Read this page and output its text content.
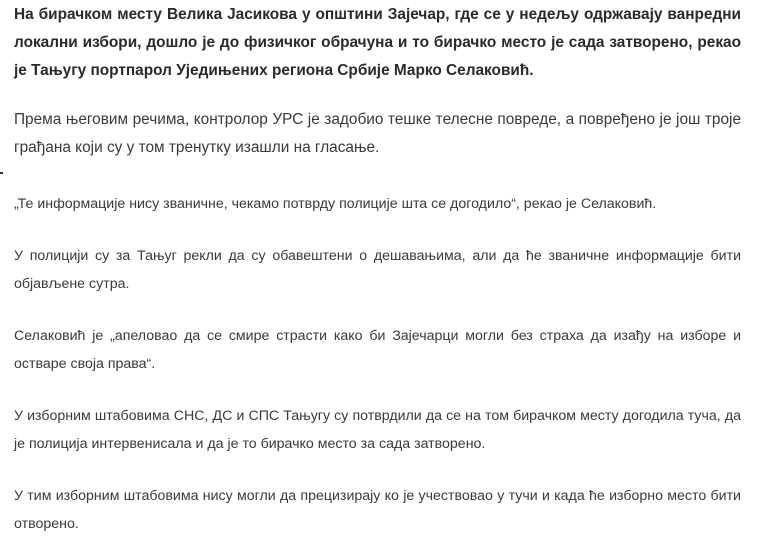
На бирачком месту Велика Јасикова у општини Зајечар, где се у недељу одржавају ванредни локални избори, дошло је до физичког обрачуна и то бирачко место је сада затворено, рекао је Тањугу портпарол Уједињених региона Србије Марко Селаковић.

Према његовим речима, контролор УРС је задобио тешке телесне повреде, а повређено је још троје грађана који су у том тренутку изашли на гласање.

„Те информације нису званичне, чекамо потврду полиције шта се догодило“, рекао је Селаковић.

У полицији су за Тањуг рекли да су обавештени о дешавањима, али да ће званичне информације бити објављене сутра.

Селаковић је „апеловао да се смире страсти како би Зајечарци могли без страха да изађу на изборе и остваре своја права“.

У изборним штабовима СНС, ДС и СПС Тањугу су потврдили да се на том бирачком месту догодила туча, да је полиција интервенисала и да је то бирачко место за сада затворено.

У тим изборним штабовима нису могли да прецизирају ко је учествовао у тучи и када ће изборно место бити отворено.
